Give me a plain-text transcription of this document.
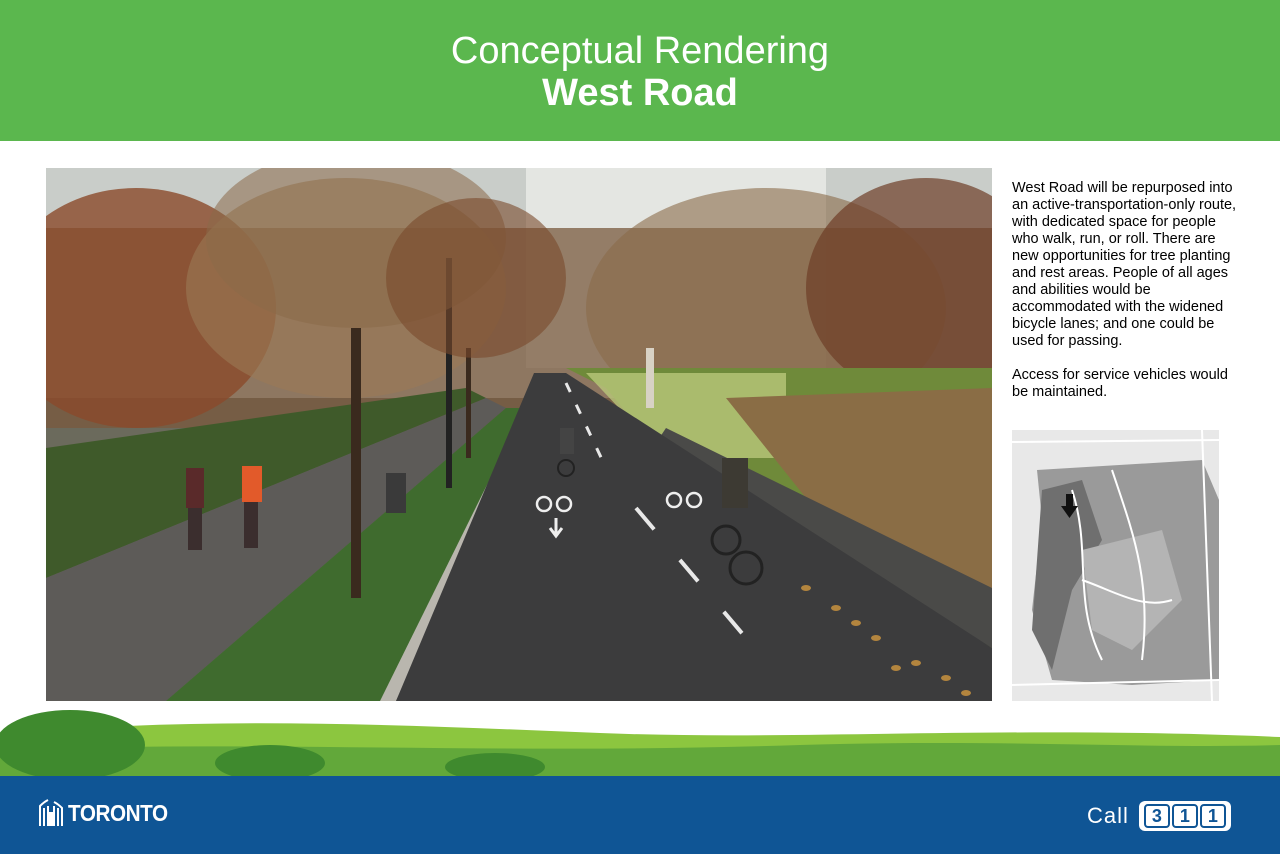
Conceptual Rendering
West Road

West Road will be repurposed into an active-transportation-only route, with dedicated space for people who walk, run, or roll. There are new opportunities for tree planting and rest areas. People of all ages and abilities would be accommodated with the widened bicycle lanes; and one could be used for passing.

Access for service vehicles would be maintained.

TORONTO	Call	3 1 1
